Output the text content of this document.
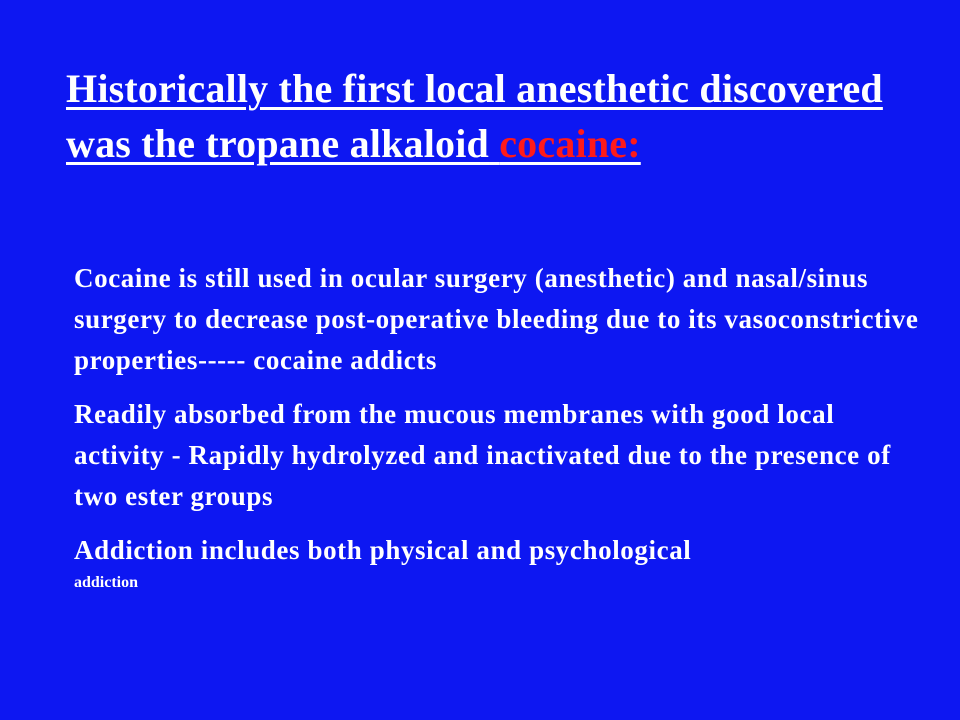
Historically the first local anesthetic discovered was the tropane alkaloid cocaine:

Cocaine is still used in ocular surgery (anesthetic) and nasal/sinus surgery to decrease post-operative bleeding due to its vasoconstrictive properties----- cocaine addicts

Readily absorbed from the mucous membranes with good local activity - Rapidly hydrolyzed and inactivated due to the presence of two ester groups

Addiction includes both physical and psychological
addiction
